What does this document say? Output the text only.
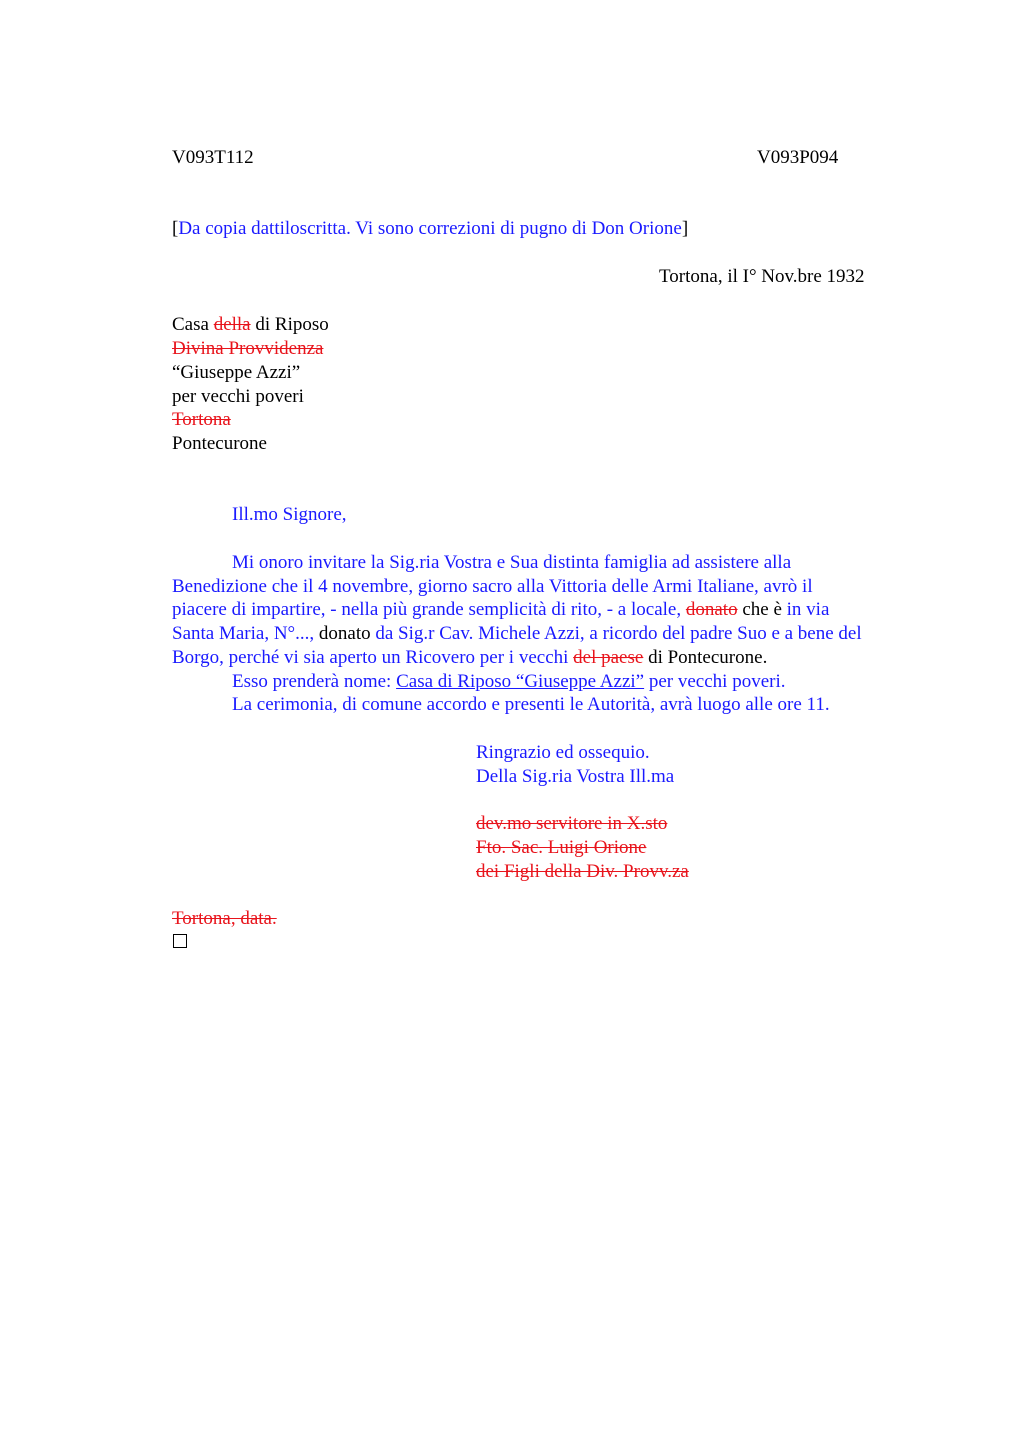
V093T112	V093P094
[Da copia dattiloscritta. Vi sono correzioni di pugno di Don Orione]
Tortona, il I° Nov.bre 1932
Casa della di Riposo
Divina Provvidenza
“Giuseppe Azzi”
per vecchi poveri
Tortona
Pontecurone
Ill.mo Signore,
Mi onoro invitare la Sig.ria Vostra e Sua distinta famiglia ad assistere alla
Benedizione che il 4 novembre, giorno sacro alla Vittoria delle Armi Italiane, avrò il
piacere di impartire, - nella più grande semplicità di rito, - a locale, donato che è in via
Santa Maria, N°..., donato da Sig.r Cav. Michele Azzi, a ricordo del padre Suo e a bene del
Borgo, perché vi sia aperto un Ricovero per i vecchi del paese di Pontecurone.
Esso prenderà nome: Casa di Riposo “Giuseppe Azzi” per vecchi poveri.
La cerimonia, di comune accordo e presenti le Autorità, avrà luogo alle ore 11.
Ringrazio ed ossequio.
Della Sig.ria Vostra Ill.ma
dev.mo servitore in X.sto
Fto. Sac. Luigi Orione
dei Figli della Div. Provv.za
Tortona, data.
